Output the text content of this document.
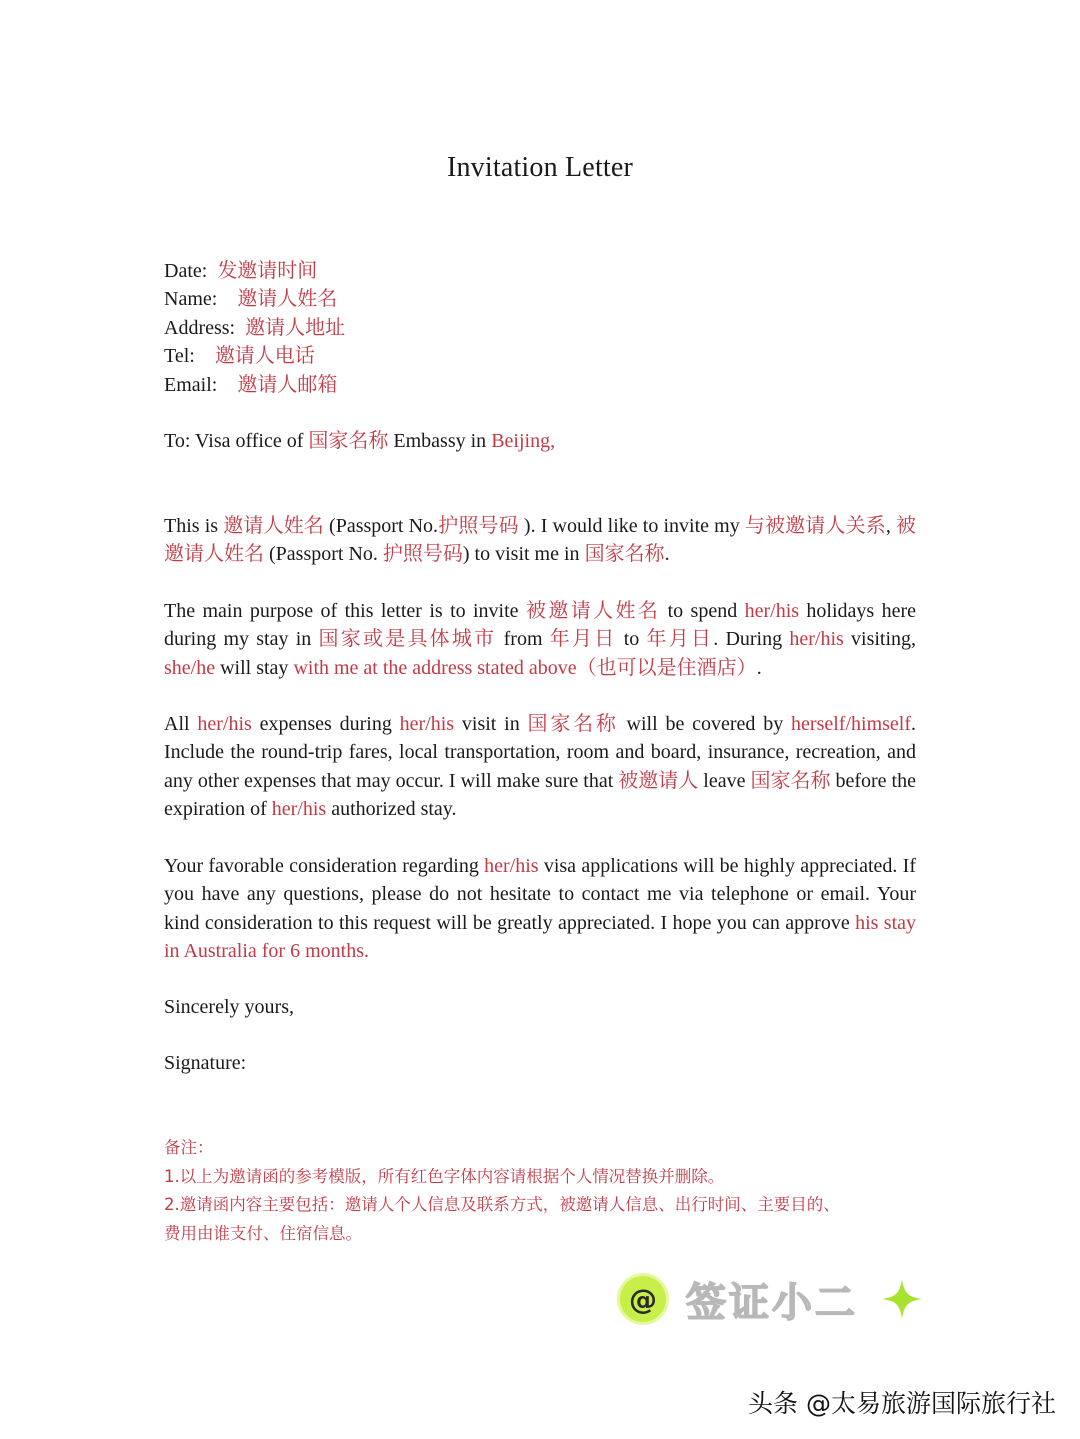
Invitation Letter
Date: 发邀请时间
Name: 邀请人姓名
Address: 邀请人地址
Tel: 邀请人电话
Email: 邀请人邮箱
To: Visa office of 国家名称 Embassy in Beijing,
This is 邀请人姓名 (Passport No.护照号码 ). I would like to invite my 与被邀请人关系, 被邀请人姓名 (Passport No. 护照号码) to visit me in 国家名称.
The main purpose of this letter is to invite 被邀请人姓名 to spend her/his holidays here during my stay in 国家或是具体城市 from 年月日 to 年月日. During her/his visiting, she/he will stay with me at the address stated above（也可以是住酒店）.
All her/his expenses during her/his visit in 国家名称 will be covered by herself/himself. Include the round-trip fares, local transportation, room and board, insurance, recreation, and any other expenses that may occur. I will make sure that 被邀请人 leave 国家名称 before the expiration of her/his authorized stay.
Your favorable consideration regarding her/his visa applications will be highly appreciated. If you have any questions, please do not hesitate to contact me via telephone or email. Your kind consideration to this request will be greatly appreciated. I hope you can approve his stay in Australia for 6 months.
Sincerely yours,
Signature:
备注：
1.以上为邀请函的参考模版，所有红色字体内容请根据个人情况替换并删除。
2.邀请函内容主要包括：邀请人个人信息及联系方式，被邀请人信息、出行时间、主要目的、
费用由谁支付、住宿信息。
@ 签证小二
头条 @太易旅游国际旅行社
